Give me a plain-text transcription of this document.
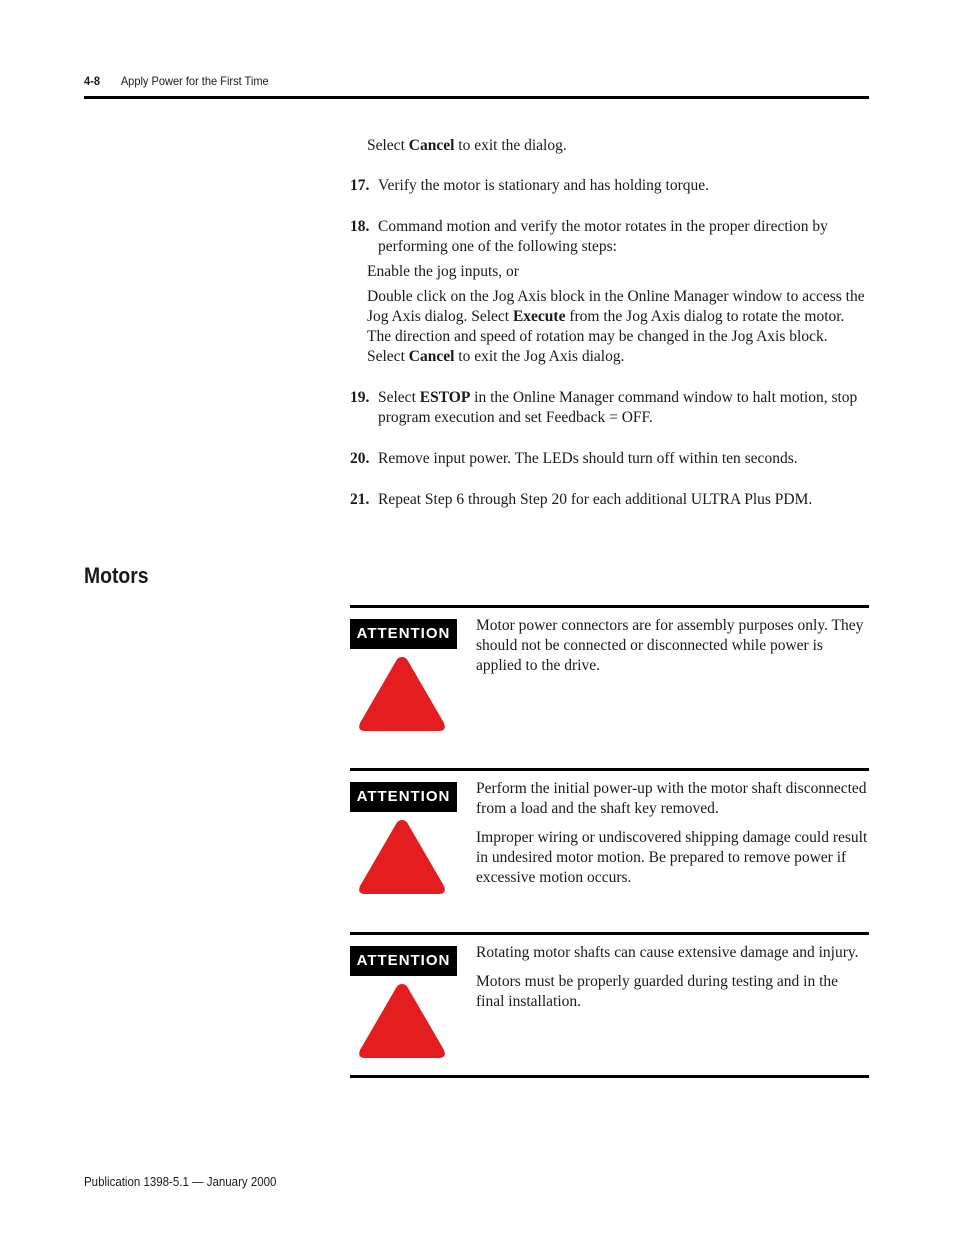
4-8 Apply Power for the First Time
Select Cancel to exit the dialog.
17. Verify the motor is stationary and has holding torque.
18. Command motion and verify the motor rotates in the proper direction by performing one of the following steps:
Enable the jog inputs, or
Double click on the Jog Axis block in the Online Manager window to access the Jog Axis dialog. Select Execute from the Jog Axis dialog to rotate the motor. The direction and speed of rotation may be changed in the Jog Axis block. Select Cancel to exit the Jog Axis dialog.
19. Select ESTOP in the Online Manager command window to halt motion, stop program execution and set Feedback = OFF.
20. Remove input power. The LEDs should turn off within ten seconds.
21. Repeat Step 6 through Step 20 for each additional ULTRA Plus PDM.
Motors
ATTENTION	Motor power connectors are for assembly purposes only. They should not be connected or disconnected while power is applied to the drive.

ATTENTION	Perform the initial power-up with the motor shaft disconnected from a load and the shaft key removed.

Improper wiring or undiscovered shipping damage could result in undesired motor motion. Be prepared to remove power if excessive motion occurs.

ATTENTION	Rotating motor shafts can cause extensive damage and injury.

Motors must be properly guarded during testing and in the final installation.

Publication 1398-5.1 — January 2000
